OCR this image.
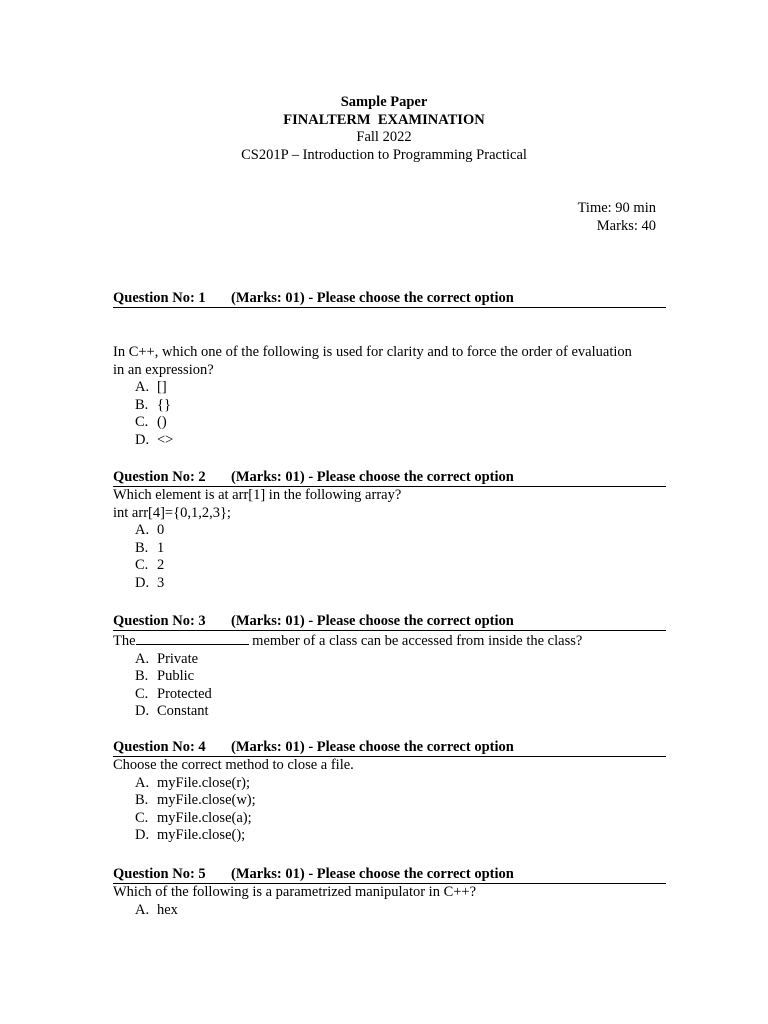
Sample Paper
FINALTERM  EXAMINATION
Fall 2022
CS201P – Introduction to Programming Practical
Time: 90 min
Marks: 40
Question No: 1 (Marks: 01) - Please choose the correct option
In C++, which one of the following is used for clarity and to force the order of evaluation
in an expression?
A. []
B. {}
C. ()
D. <>
Question No: 2 (Marks: 01) - Please choose the correct option
Which element is at arr[1] in the following array?
int arr[4]={0,1,2,3};
A. 0
B. 1
C. 2
D. 3
Question No: 3 (Marks: 01) - Please choose the correct option
The	member of a class can be accessed from inside the class?
A. Private
B. Public
C. Protected
D. Constant
Question No: 4 (Marks: 01) - Please choose the correct option
Choose the correct method to close a file.
A. myFile.close(r);
B. myFile.close(w);
C. myFile.close(a);
D. myFile.close();
Question No: 5 (Marks: 01) - Please choose the correct option
Which of the following is a parametrized manipulator in C++?
A. hex
